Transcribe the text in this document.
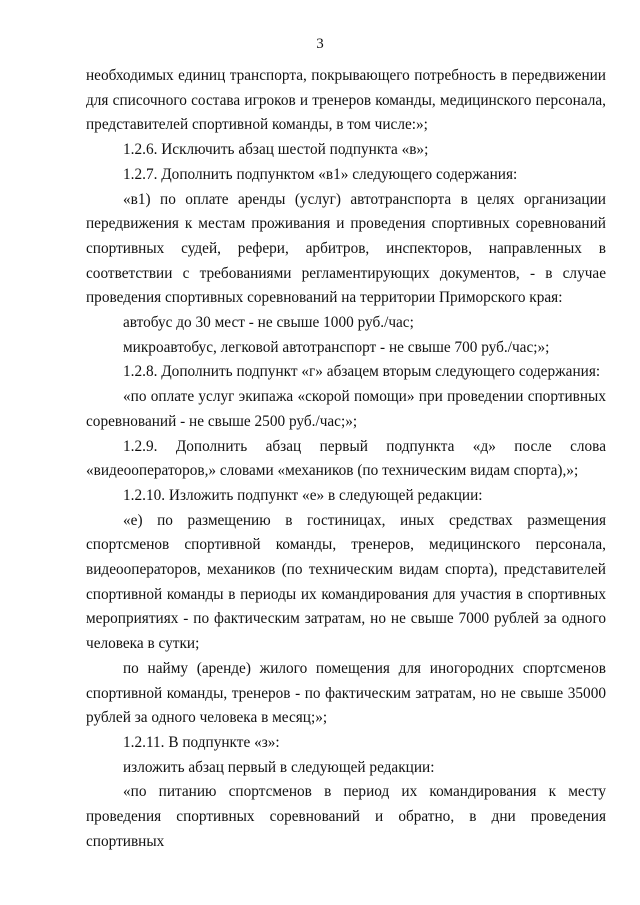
3

необходимых единиц транспорта, покрывающего потребность в передвижении для списочного состава игроков и тренеров команды, медицинского персонала, представителей спортивной команды, в том числе:»;

1.2.6. Исключить абзац шестой подпункта «в»;

1.2.7. Дополнить подпунктом «в1» следующего содержания:

«в1) по оплате аренды (услуг) автотранспорта в целях организации передвижения к местам проживания и проведения спортивных соревнований спортивных судей, рефери, арбитров, инспекторов, направленных в соответствии с требованиями регламентирующих документов, - в случае проведения спортивных соревнований на территории Приморского края:

автобус до 30 мест - не свыше 1000 руб./час;

микроавтобус, легковой автотранспорт - не свыше 700 руб./час;»;

1.2.8. Дополнить подпункт «г» абзацем вторым следующего содержания:

«по оплате услуг экипажа «скорой помощи» при проведении спортивных соревнований - не свыше 2500 руб./час;»;

1.2.9. Дополнить абзац первый подпункта «д» после слова «видеооператоров,» словами «механиков (по техническим видам спорта),»;

1.2.10. Изложить подпункт «е» в следующей редакции:

«е) по размещению в гостиницах, иных средствах размещения спортсменов спортивной команды, тренеров, медицинского персонала, видеооператоров, механиков (по техническим видам спорта), представителей спортивной команды в периоды их командирования для участия в спортивных мероприятиях - по фактическим затратам, но не свыше 7000 рублей за одного человека в сутки;

по найму (аренде) жилого помещения для иногородних спортсменов спортивной команды, тренеров - по фактическим затратам, но не свыше 35000 рублей за одного человека в месяц;»;

1.2.11. В подпункте «з»:

изложить абзац первый в следующей редакции:

«по питанию спортсменов в период их командирования к месту проведения спортивных соревнований и обратно, в дни проведения спортивных
